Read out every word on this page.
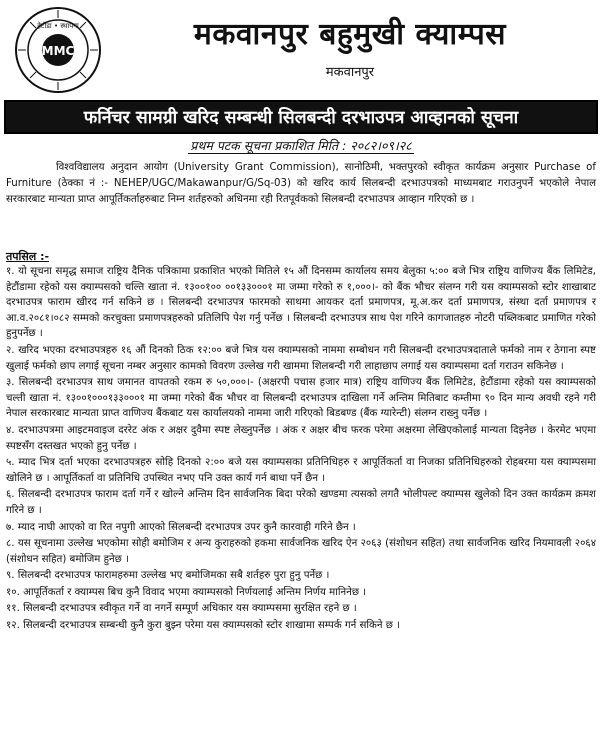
MMC
हेटौंडा • स्थापना	मकवानपुर बहुमुखी क्याम्पस
मकवानपुर
फर्निचर सामग्री खरिद सम्बन्धी सिलबन्दी दरभाउपत्र आव्हानको सूचना
प्रथम पटक सूचना प्रकाशित मिति : २०८२।०९।२८
विश्वविद्यालय अनुदान आयोग (University Grant Commission), सानोठिमी, भक्तपुरको स्वीकृत कार्यक्रम अनुसार Purchase of Furniture (ठेक्का नं :- NEHEP/UGC/Makawanpur/G/Sq-03) को खरिद कार्य सिलबन्दी दरभाउपत्रको माध्यमबाट गराउनुपर्ने भएकोले नेपाल सरकारबाट मान्यता प्राप्त आपूर्तिकर्ताहरुबाट निम्न शर्तहरुको अधिनमा रही रितपूर्वकको सिलबन्दी दरभाउपत्र आव्हान गरिएको छ ।
तपसिल :-

१. यो सूचना समृद्ध समाज राष्ट्रिय दैनिक पत्रिकामा प्रकाशित भएको मितिले १५ औं दिनसम्म कार्यालय समय बेलुका ५:०० बजे भित्र राष्ट्रिय वाणिज्य बैंक लिमिटेड, हेटौंडामा रहेको यस क्याम्पसको चल्ति खाता नं. १३००१०० ००१३३०००१ मा जम्मा गरेको रु १,०००।- को बैंक भौचर संलग्न गरी यस क्याम्पसको स्टोर शाखाबाट दरभाउपत्र फाराम खीरद गर्न सकिने छ । सिलबन्दी दरभाउपत्र फारमको साथमा आयकर दर्ता प्रमाणपत्र, मू.अ.कर दर्ता प्रमाणपत्र, संस्था दर्ता प्रमाणपत्र र आ.व.२०८१।०८२ सम्मको करचुक्ता प्रमाणपत्रहरुको प्रतिलिपि पेश गर्नु पर्नेछ । सिलबन्दी दरभाउपत्र साथ पेश गरिने कागजातहरु नोटरी पब्लिकबाट प्रमाणित गरेको हुनुपर्नेछ ।

२. खरिद भएका दरभाउपत्रहरु १६ औं दिनको ठिक १२:०० बजे भित्र यस क्याम्पसको नाममा सम्बोधन गरी सिलबन्दी दरभाउपत्रदाताले फर्मको नाम र ठेगाना स्पष्ट खुलाई फर्मको छाप लगाई सूचना नम्बर अनुसार कामको विवरण उल्लेख गरी खाममा शिलबन्दी गरी लाहाछाप लगाई यस क्याम्पसमा दर्ता गराउन सकिनेछ ।

३. सिलबन्दी दरभाउपत्र साथ जमानत वापतको रकम रु ५०,०००।- (अक्षरपी पचास हजार मात्र) राष्ट्रिय वाणिज्य बैंक लिमिटेड, हेटौंडामा रहेको यस क्याम्पसको चल्ती खाता नं. १३००१०००१३३०००१ मा जम्मा गरेको बैंक भौचर वा सिलबन्दी दरभाउपत्र दाखिला गर्ने अन्तिम मितिबाट कम्तीमा ९० दिन मान्य अवधी रहने गरी नेपाल सरकारबाट मान्यता प्राप्त वाणिज्य बैंकबाट यस कार्यालयको नाममा जारी गरिएको बिडबण्ड (बैंक ग्यारेन्टी) संलग्न राख्नु पर्नेछ ।

४. दरभाउपत्रमा आइटमवाइज दररेट अंक र अक्षर दुवैमा स्पष्ट लेख्नुपर्नेछ । अंक र अक्षर बीच फरक परेमा अक्षरमा लेखिएकोलाई मान्यता दिइनेछ । केरमेट भएमा स्पष्टसँग दस्तखत भएको हुनु पर्नेछ ।

५. म्याद भित्र दर्ता भएका दरभाउपत्रहरु सोहि दिनको २:०० बजे यस क्याम्पसका प्रतिनिधिहरु र आपूर्तिकर्ता वा निजका प्रतिनिधिहरुको रोहबरमा यस क्याम्पसमा खोलिने छ । आपूर्तिकर्ता वा प्रतिनिधि उपस्थित नभए पनि उक्त कार्य गर्न बाधा पर्ने छैन ।

६. सिलबन्दी दरभाउपत्र फाराम दर्ता गर्ने र खोल्ने अन्तिम दिन सार्वजनिक बिदा परेको खण्डमा त्यसको लगतै भोलीपल्ट क्याम्पस खुलेको दिन उक्त कार्यक्रम क्रमश गरिने छ ।

७. म्याद नाघी आएको वा रित नपुगी आएको सिलबन्दी दरभाउपत्र उपर कुनै कारवाही गरिने छैन ।

८. यस सूचनामा उल्लेख भएकोमा सोही बमोजिम र अन्य कुराहरुको हकमा सार्वजनिक खरिद ऐन २०६३ (संशोधन सहित) तथा सार्वजनिक खरिद नियमावली २०६४ (संशोधन सहित) बमोजिम हुनेछ ।

९. सिलबन्दी दरभाउपत्र फारामहरुमा उल्लेख भए बमोजिमका सबै शर्तहरु पुरा हुनु पर्नेछ ।

१०. आपूर्तिकर्ता र क्याम्पस बिच कुनै विवाद भएमा क्याम्पसको निर्णयलाई अन्तिम निर्णय मानिनेछ ।

११. सिलबन्दी दरभाउपत्र स्वीकृत गर्ने वा नगर्ने सम्पूर्ण अधिकार यस क्याम्पसमा सुरक्षित रहने छ ।

१२. सिलबन्दी दरभाउपत्र सम्बन्धी कुनै कुरा बुझ्न परेमा यस क्याम्पसको स्टोर शाखामा सम्पर्क गर्न सकिने छ ।
